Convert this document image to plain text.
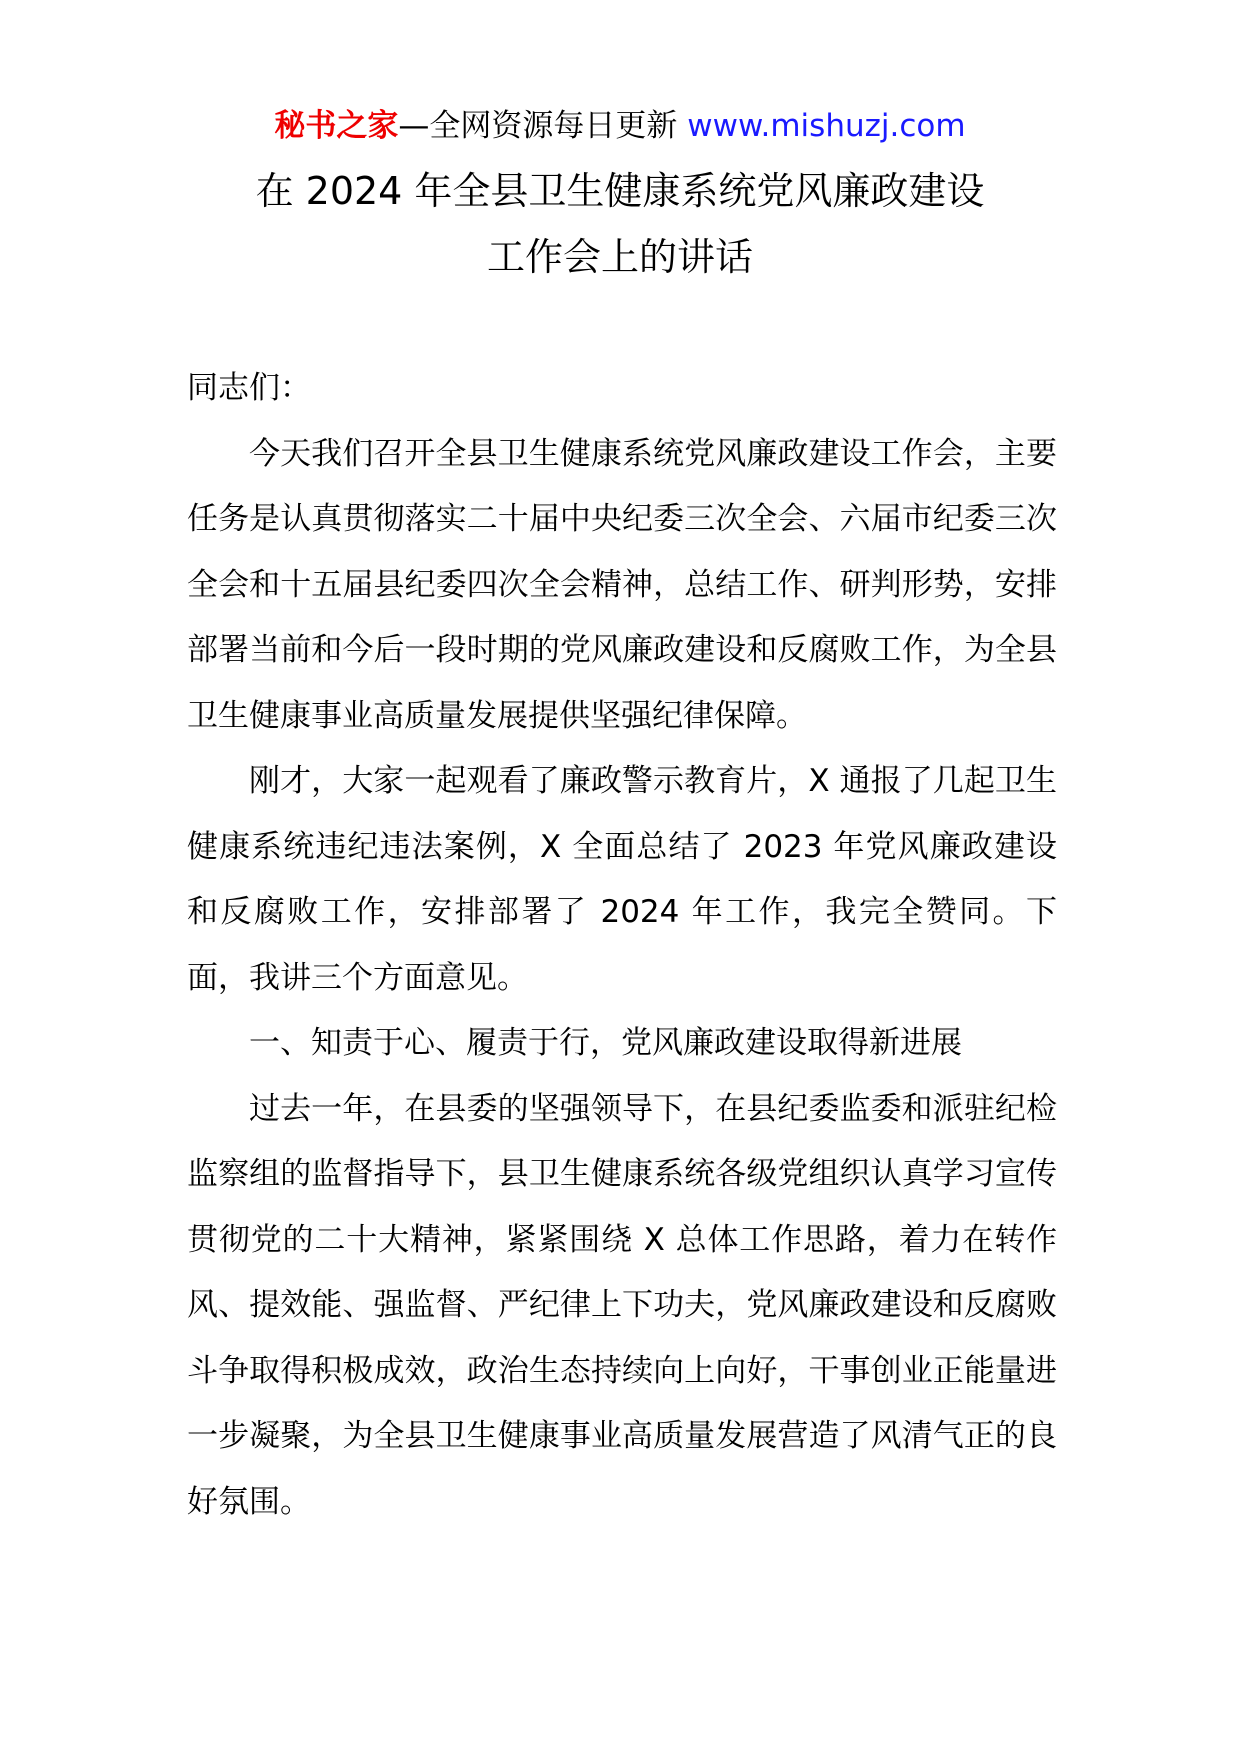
秘书之家—全网资源每日更新 www.mishuzj.com
在 2024 年全县卫生健康系统党风廉政建设
工作会上的讲话

同志们：

今天我们召开全县卫生健康系统党风廉政建设工作会，主要任务是认真贯彻落实二十届中央纪委三次全会、六届市纪委三次全会和十五届县纪委四次全会精神，总结工作、研判形势，安排部署当前和今后一段时期的党风廉政建设和反腐败工作，为全县卫生健康事业高质量发展提供坚强纪律保障。

刚才，大家一起观看了廉政警示教育片，X 通报了几起卫生健康系统违纪违法案例，X 全面总结了 2023 年党风廉政建设和反腐败工作，安排部署了 2024 年工作，我完全赞同。下面，我讲三个方面意见。

一、知责于心、履责于行，党风廉政建设取得新进展

过去一年，在县委的坚强领导下，在县纪委监委和派驻纪检监察组的监督指导下，县卫生健康系统各级党组织认真学习宣传贯彻党的二十大精神，紧紧围绕 X 总体工作思路，着力在转作风、提效能、强监督、严纪律上下功夫，党风廉政建设和反腐败斗争取得积极成效，政治生态持续向上向好，干事创业正能量进一步凝聚，为全县卫生健康事业高质量发展营造了风清气正的良好氛围。
